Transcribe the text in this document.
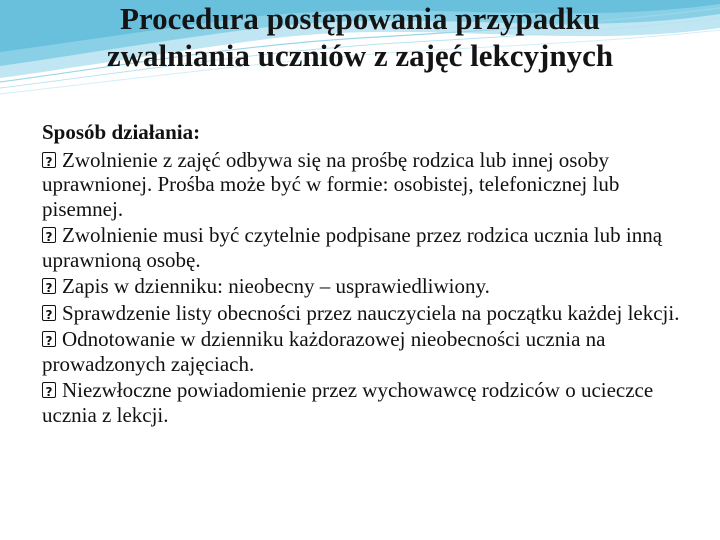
Procedura postępowania przypadku
zwalniania uczniów z zajęć lekcyjnych
Sposób działania:
?Zwolnienie z zajęć odbywa się na prośbę rodzica lub innej osoby uprawnionej. Prośba może być w formie: osobistej, telefonicznej lub pisemnej.
?Zwolnienie musi być czytelnie podpisane przez rodzica ucznia lub inną uprawnioną osobę.
?Zapis w dzienniku: nieobecny – usprawiedliwiony.
?Sprawdzenie listy obecności przez nauczyciela na początku każdej lekcji.
?Odnotowanie w dzienniku każdorazowej nieobecności ucznia na prowadzonych zajęciach.
?Niezwłoczne powiadomienie przez wychowawcę rodziców o ucieczce ucznia z lekcji.
